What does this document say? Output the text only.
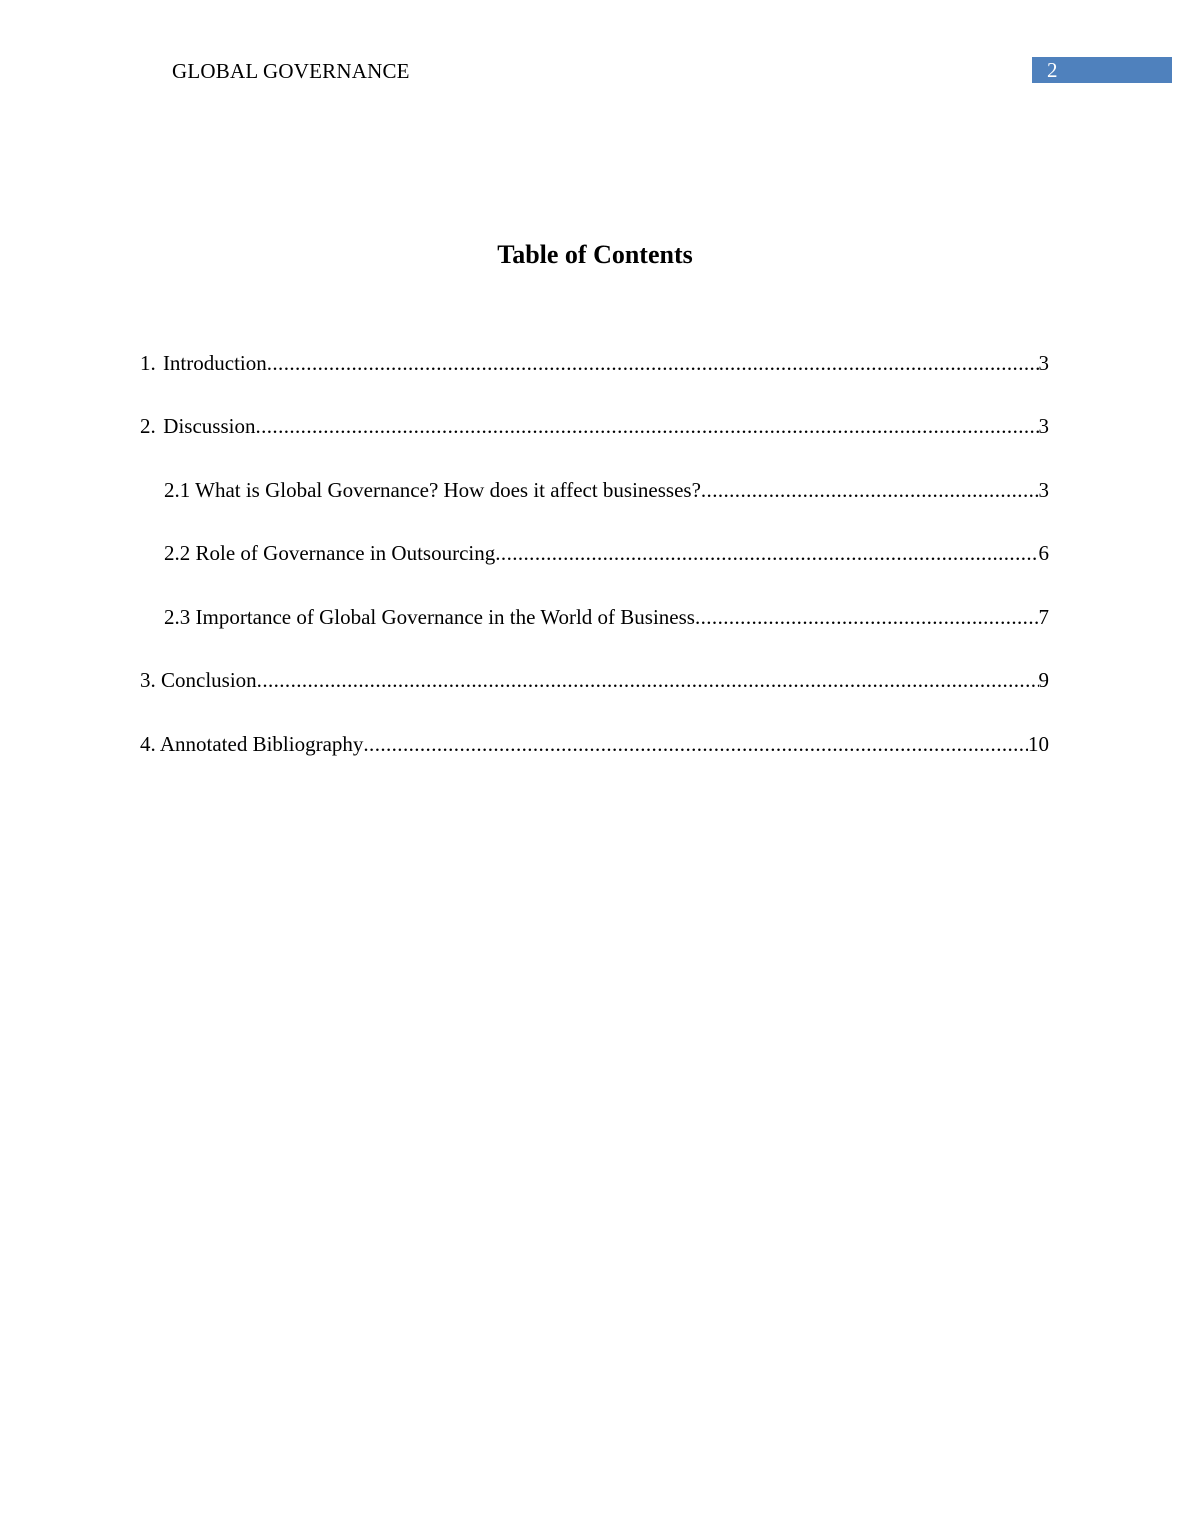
GLOBAL GOVERNANCE	2
Table of Contents
1. Introduction .....	3
2. Discussion .....	3
2.1 What is Global Governance? How does it affect businesses? .....	3
2.2 Role of Governance in Outsourcing .....	6
2.3 Importance of Global Governance in the World of Business .....	7
3. Conclusion .....	9
4. Annotated Bibliography .....	10
